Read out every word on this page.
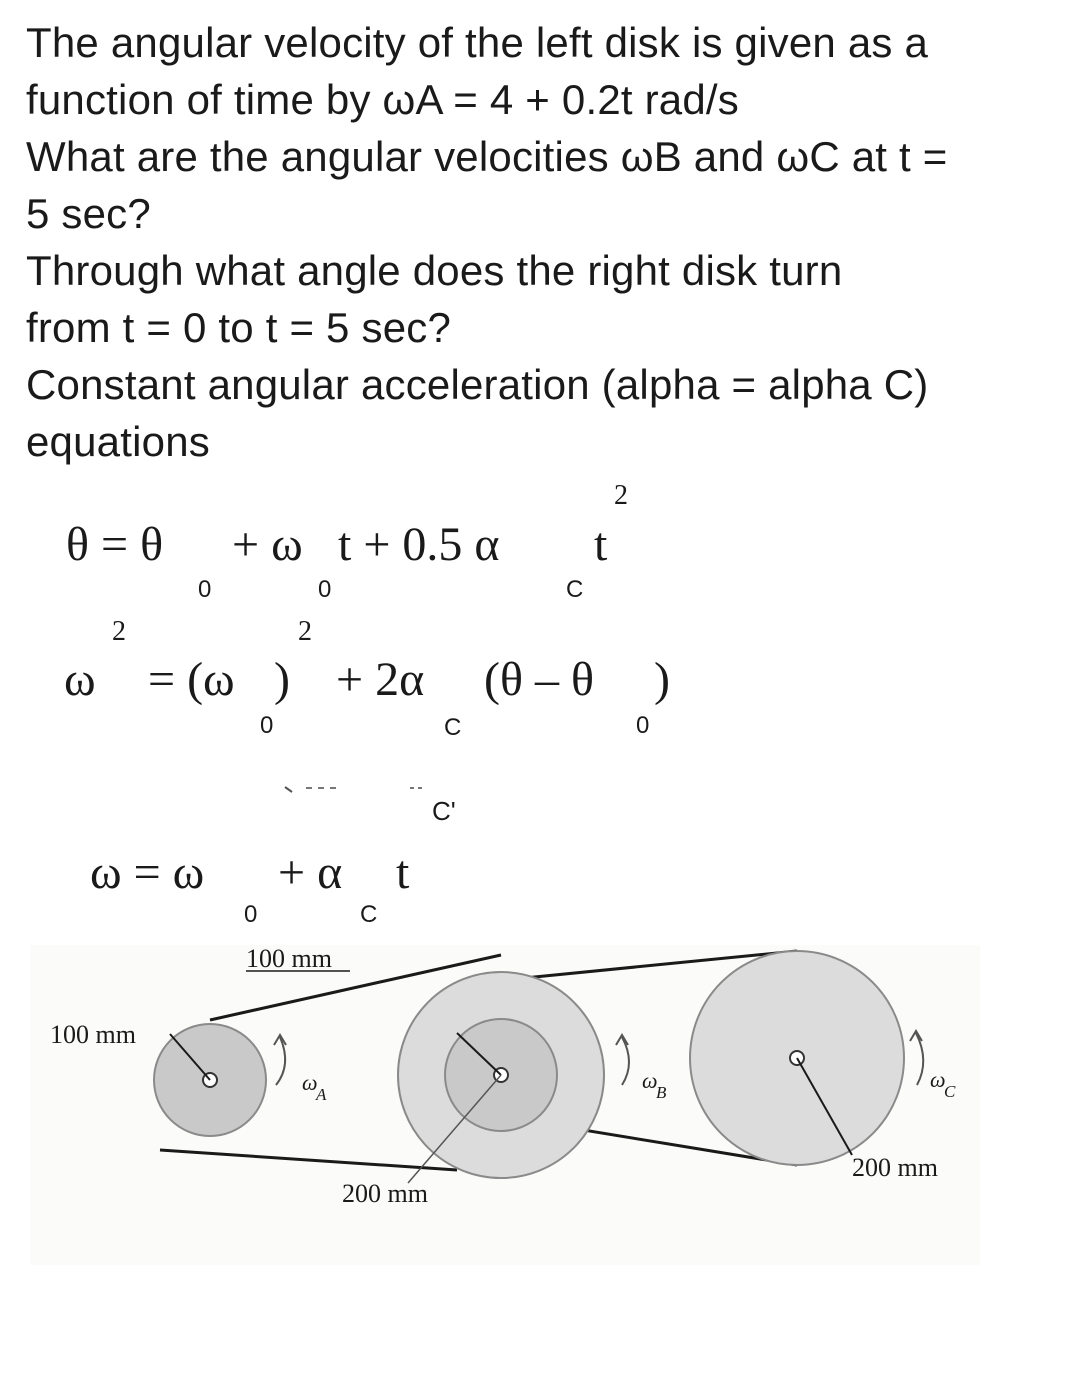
The angular velocity of the left disk is given as a

function of time by ωA = 4 + 0.2t rad/s

What are the angular velocities ωB and ωC at t =

5 sec?

Through what angle does the right disk turn

from t = 0 to t = 5 sec?

Constant angular acceleration (alpha = alpha C)

equations

θ = θ
0
+ ω
0
t + 0.5 α
C
t
2
2
ω = (ω
0
)
2
+ 2α
C
(θ – θ
0
)
C'
ω = ω
0
+ α
C
t
100 mm
100 mm
200 mm
200 mm
ω
A
ω
B
ω
C
